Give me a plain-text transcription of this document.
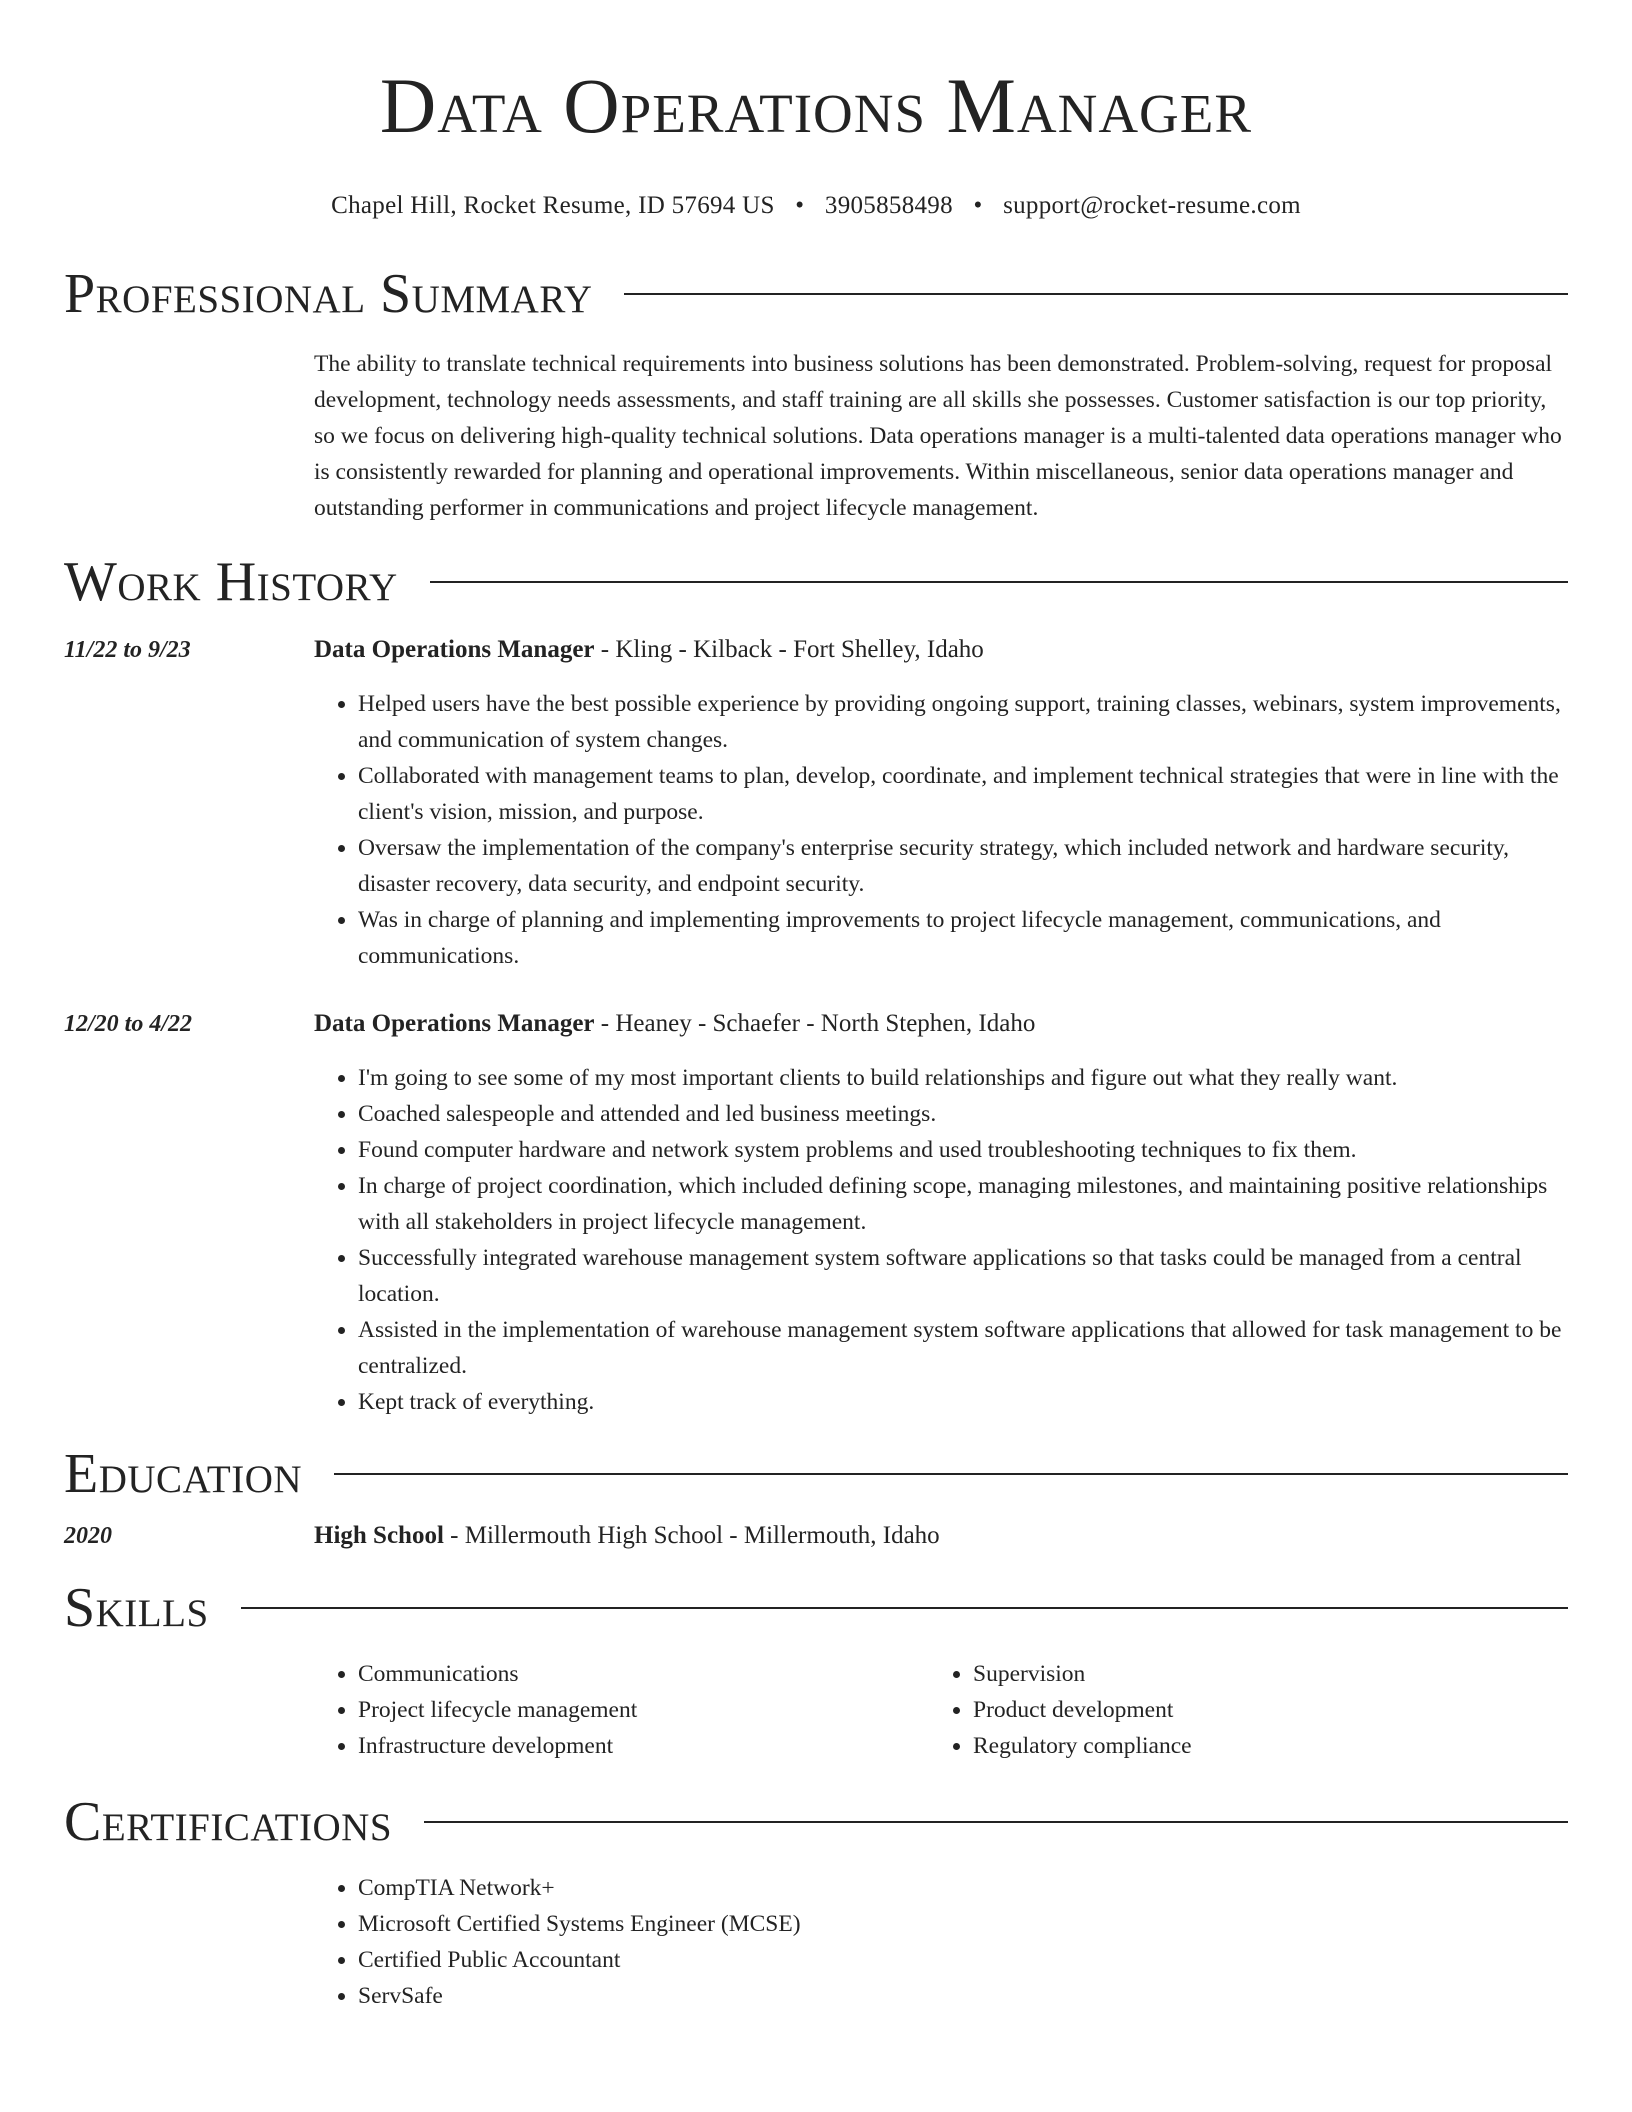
Data Operations Manager
Chapel Hill, Rocket Resume, ID 57694 US • 3905858498 • support@rocket-resume.com
Professional Summary

The ability to translate technical requirements into business solutions has been demonstrated. Problem-solving, request for proposal development, technology needs assessments, and staff training are all skills she possesses. Customer satisfaction is our top priority, so we focus on delivering high-quality technical solutions. Data operations manager is a multi-talented data operations manager who is consistently rewarded for planning and operational improvements. Within miscellaneous, senior data operations manager and outstanding performer in communications and project lifecycle management.

Work History
11/22 to 9/23	Data Operations Manager - Kling - Kilback - Fort Shelley, Idaho
• Helped users have the best possible experience by providing ongoing support, training classes, webinars, system improvements, and communication of system changes.
• Collaborated with management teams to plan, develop, coordinate, and implement technical strategies that were in line with the client's vision, mission, and purpose.
• Oversaw the implementation of the company's enterprise security strategy, which included network and hardware security, disaster recovery, data security, and endpoint security.
• Was in charge of planning and implementing improvements to project lifecycle management, communications, and communications.
12/20 to 4/22	Data Operations Manager - Heaney - Schaefer - North Stephen, Idaho
• I'm going to see some of my most important clients to build relationships and figure out what they really want.
• Coached salespeople and attended and led business meetings.
• Found computer hardware and network system problems and used troubleshooting techniques to fix them.
• In charge of project coordination, which included defining scope, managing milestones, and maintaining positive relationships with all stakeholders in project lifecycle management.
• Successfully integrated warehouse management system software applications so that tasks could be managed from a central location.
• Assisted in the implementation of warehouse management system software applications that allowed for task management to be centralized.
• Kept track of everything.
Education
2020	High School - Millermouth High School - Millermouth, Idaho
Skills
• Communications
• Project lifecycle management
• Infrastructure development
• Supervision
• Product development
• Regulatory compliance
Certifications
• CompTIA Network+
• Microsoft Certified Systems Engineer (MCSE)
• Certified Public Accountant
• ServSafe
